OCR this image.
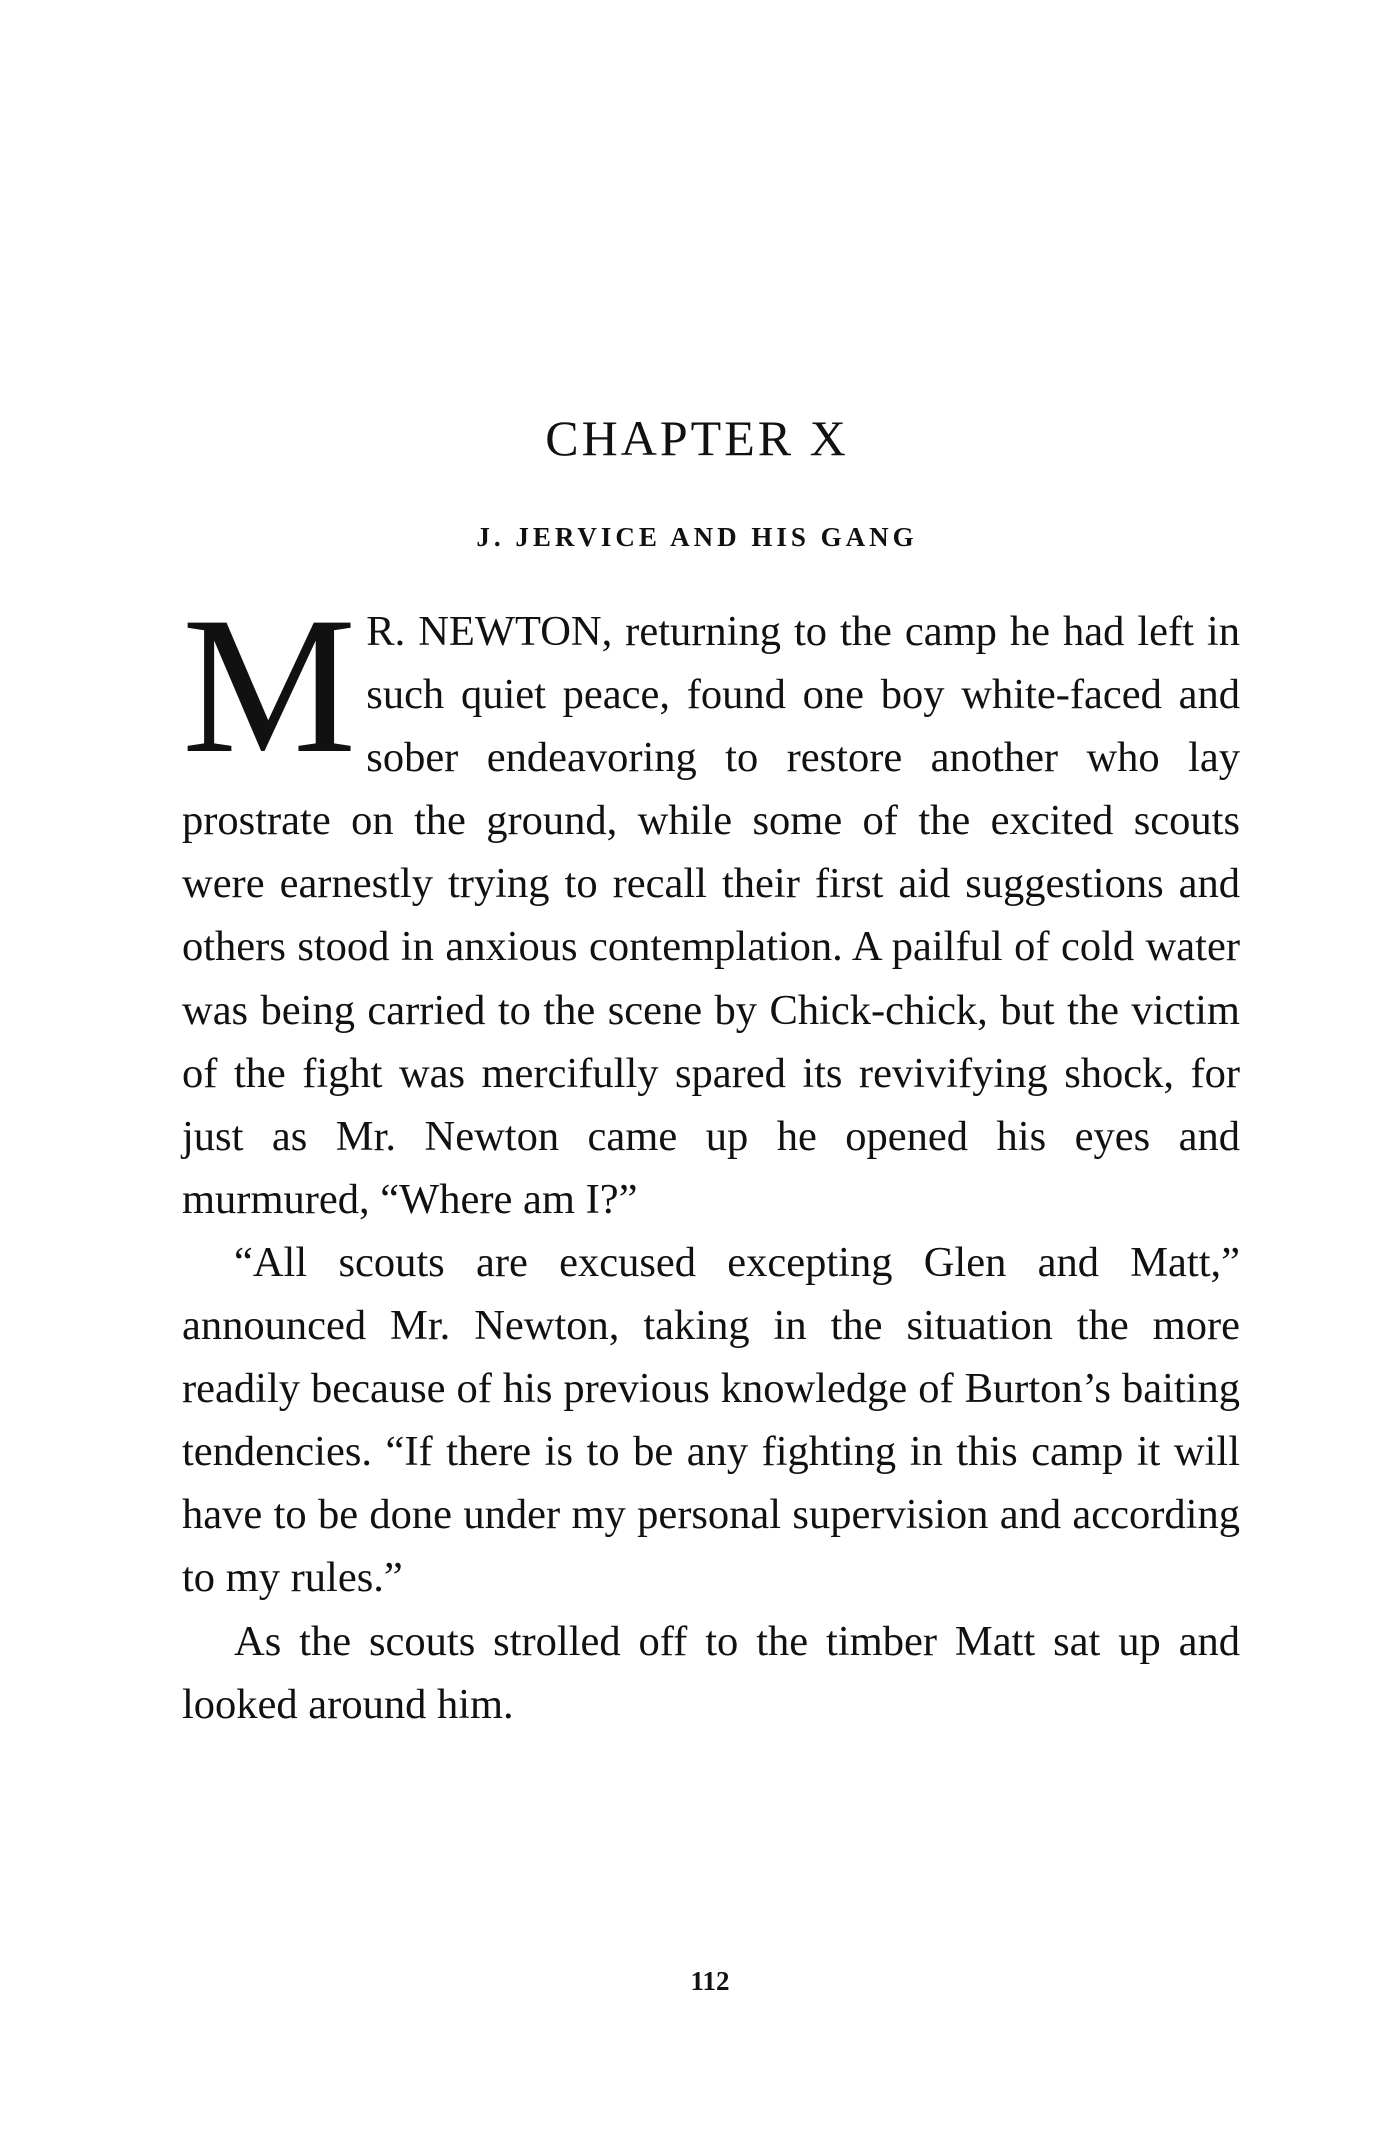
CHAPTER X
J. JERVICE AND HIS GANG

M R. NEWTON, returning to the camp he had left in such quiet peace, found one boy white-faced and sober endeavoring to restore another who lay prostrate on the ground, while some of the excited scouts were earnestly trying to recall their first aid suggestions and others stood in anxious contemplation. A pailful of cold water was being carried to the scene by Chick-chick, but the victim of the fight was mercifully spared its revivifying shock, for just as Mr. Newton came up he opened his eyes and murmured, “Where am I?”

“All scouts are excused excepting Glen and Matt,” announced Mr. Newton, taking in the situation the more readily because of his previous knowledge of Burton’s baiting tendencies. “If there is to be any fighting in this camp it will have to be done under my personal supervision and according to my rules.”

As the scouts strolled off to the timber Matt sat up and looked around him.

112
